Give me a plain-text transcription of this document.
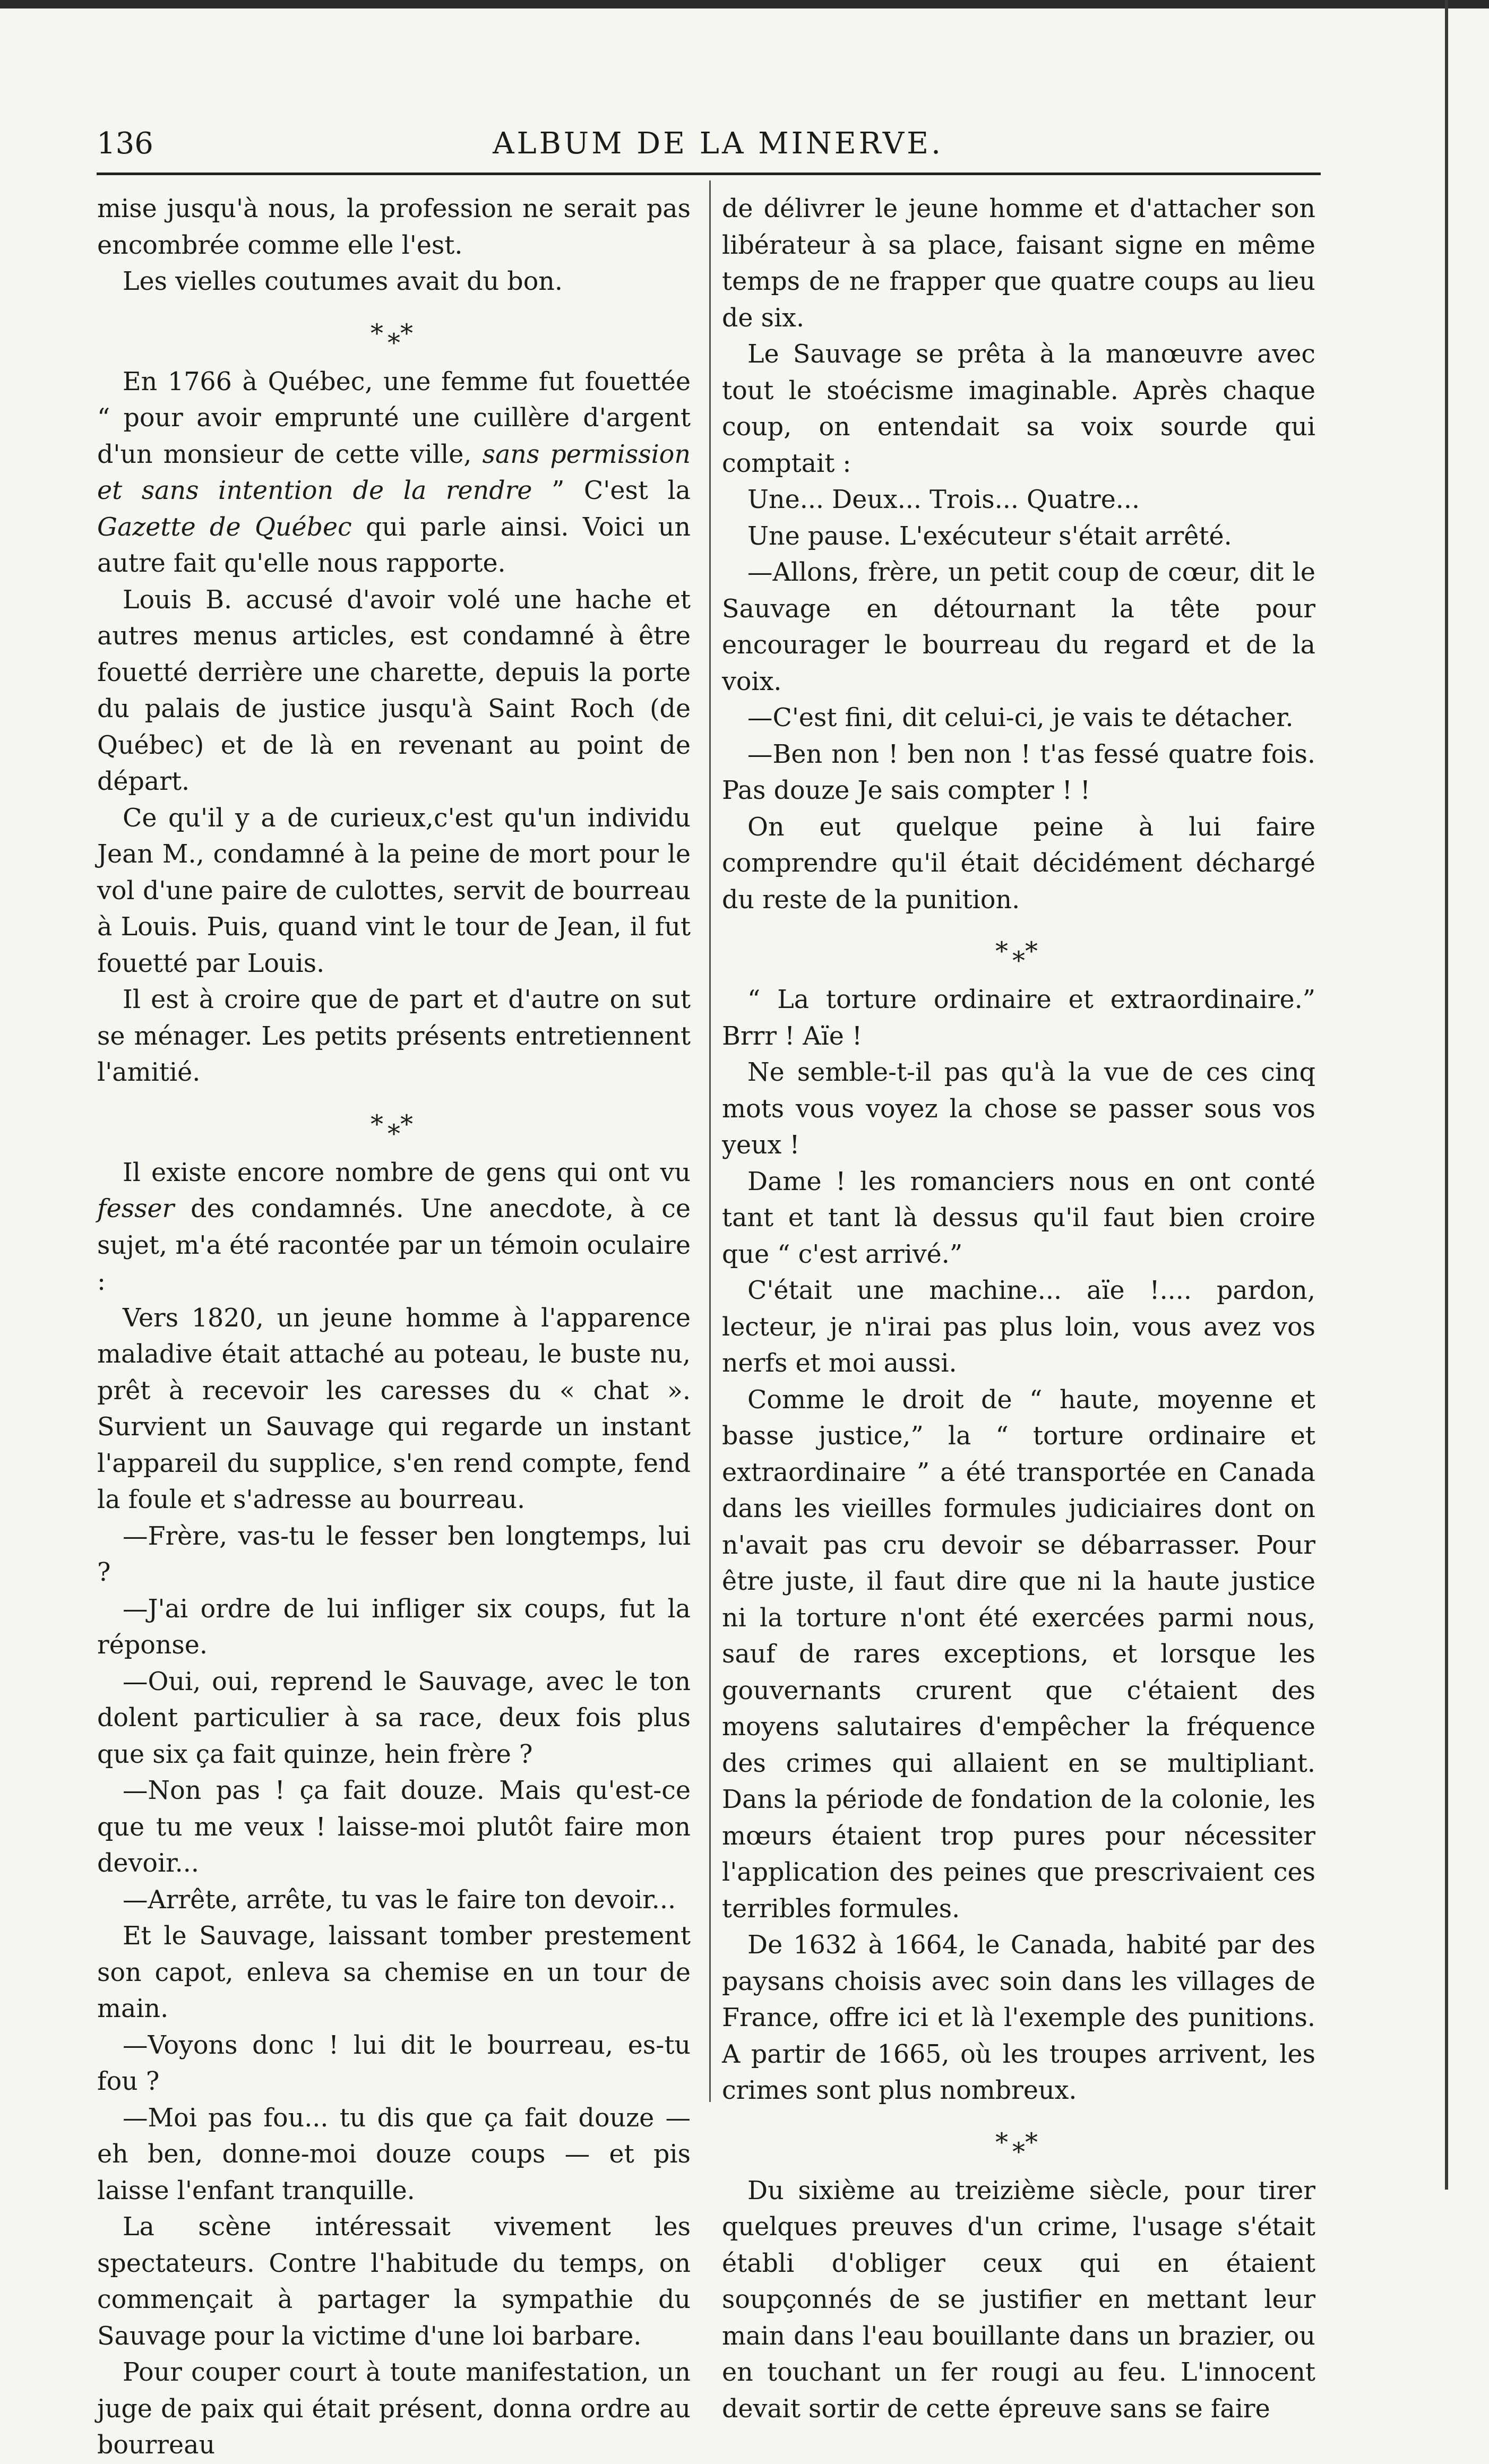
136	ALBUM DE LA MINERVE.

mise jusqu'à nous, la profession ne serait pas encombrée comme elle l'est.

Les vielles coutumes avait du bon.

$*_**$

En 1766 à Québec, une femme fut fouettée “ pour avoir emprunté une cuillère d'argent d'un monsieur de cette ville, sans permission et sans intention de la rendre ” C'est la Gazette de Québec qui parle ainsi. Voici un autre fait qu'elle nous rapporte.

Louis B. accusé d'avoir volé une hache et autres menus articles, est condamné à être fouetté derrière une charette, depuis la porte du palais de justice jusqu'à Saint Roch (de Québec) et de là en revenant au point de départ.

Ce qu'il y a de curieux,c'est qu'un individu Jean M., condamné à la peine de mort pour le vol d'une paire de culottes, servit de bourreau à Louis. Puis, quand vint le tour de Jean, il fut fouetté par Louis.

Il est à croire que de part et d'autre on sut se ménager. Les petits présents entretiennent l'amitié.

$*_**$

Il existe encore nombre de gens qui ont vu fesser des condamnés. Une anecdote, à ce sujet, m'a été racontée par un témoin oculaire :

Vers 1820, un jeune homme à l'apparence maladive était attaché au poteau, le buste nu, prêt à recevoir les caresses du « chat ». Survient un Sauvage qui regarde un instant l'appareil du supplice, s'en rend compte, fend la foule et s'adresse au bourreau.

—Frère, vas-tu le fesser ben longtemps, lui ?

—J'ai ordre de lui infliger six coups, fut la réponse.

—Oui, oui, reprend le Sauvage, avec le ton dolent particulier à sa race, deux fois plus que six ça fait quinze, hein frère ?

—Non pas ! ça fait douze. Mais qu'est-ce que tu me veux ! laisse-moi plutôt faire mon devoir...

—Arrête, arrête, tu vas le faire ton devoir...

Et le Sauvage, laissant tomber prestement son capot, enleva sa chemise en un tour de main.

—Voyons donc ! lui dit le bourreau, es-tu fou ?

—Moi pas fou... tu dis que ça fait douze — eh ben, donne-moi douze coups — et pis laisse l'enfant tranquille.

La scène intéressait vivement les spectateurs. Contre l'habitude du temps, on commençait à partager la sympathie du Sauvage pour la victime d'une loi barbare.

Pour couper court à toute manifestation, un juge de paix qui était présent, donna ordre au bourreau

de délivrer le jeune homme et d'attacher son libérateur à sa place, faisant signe en même temps de ne frapper que quatre coups au lieu de six.

Le Sauvage se prêta à la manœuvre avec tout le stoécisme imaginable. Après chaque coup, on entendait sa voix sourde qui comptait :

Une... Deux... Trois... Quatre...

Une pause. L'exécuteur s'était arrêté.

—Allons, frère, un petit coup de cœur, dit le Sauvage en détournant la tête pour encourager le bourreau du regard et de la voix.

—C'est fini, dit celui-ci, je vais te détacher.

—Ben non ! ben non ! t'as fessé quatre fois. Pas douze Je sais compter ! !

On eut quelque peine à lui faire comprendre qu'il était décidément déchargé du reste de la punition.

$*_**$

“ La torture ordinaire et extraordinaire.” Brrr ! Aïe !

Ne semble-t-il pas qu'à la vue de ces cinq mots vous voyez la chose se passer sous vos yeux !

Dame ! les romanciers nous en ont conté tant et tant là dessus qu'il faut bien croire que “ c'est arrivé.”

C'était une machine... aïe !.... pardon, lecteur, je n'irai pas plus loin, vous avez vos nerfs et moi aussi.

Comme le droit de “ haute, moyenne et basse justice,” la “ torture ordinaire et extraordinaire ” a été transportée en Canada dans les vieilles formules judiciaires dont on n'avait pas cru devoir se débarrasser. Pour être juste, il faut dire que ni la haute justice ni la torture n'ont été exercées parmi nous, sauf de rares exceptions, et lorsque les gouvernants crurent que c'étaient des moyens salutaires d'empêcher la fréquence des crimes qui allaient en se multipliant. Dans la période de fondation de la colonie, les mœurs étaient trop pures pour nécessiter l'application des peines que prescrivaient ces terribles formules.

De 1632 à 1664, le Canada, habité par des paysans choisis avec soin dans les villages de France, offre ici et là l'exemple des punitions. A partir de 1665, où les troupes arrivent, les crimes sont plus nombreux.

$*_**$

Du sixième au treizième siècle, pour tirer quelques preuves d'un crime, l'usage s'était établi d'obliger ceux qui en étaient soupçonnés de se justifier en mettant leur main dans l'eau bouillante dans un brazier, ou en touchant un fer rougi au feu. L'innocent devait sortir de cette épreuve sans se faire
